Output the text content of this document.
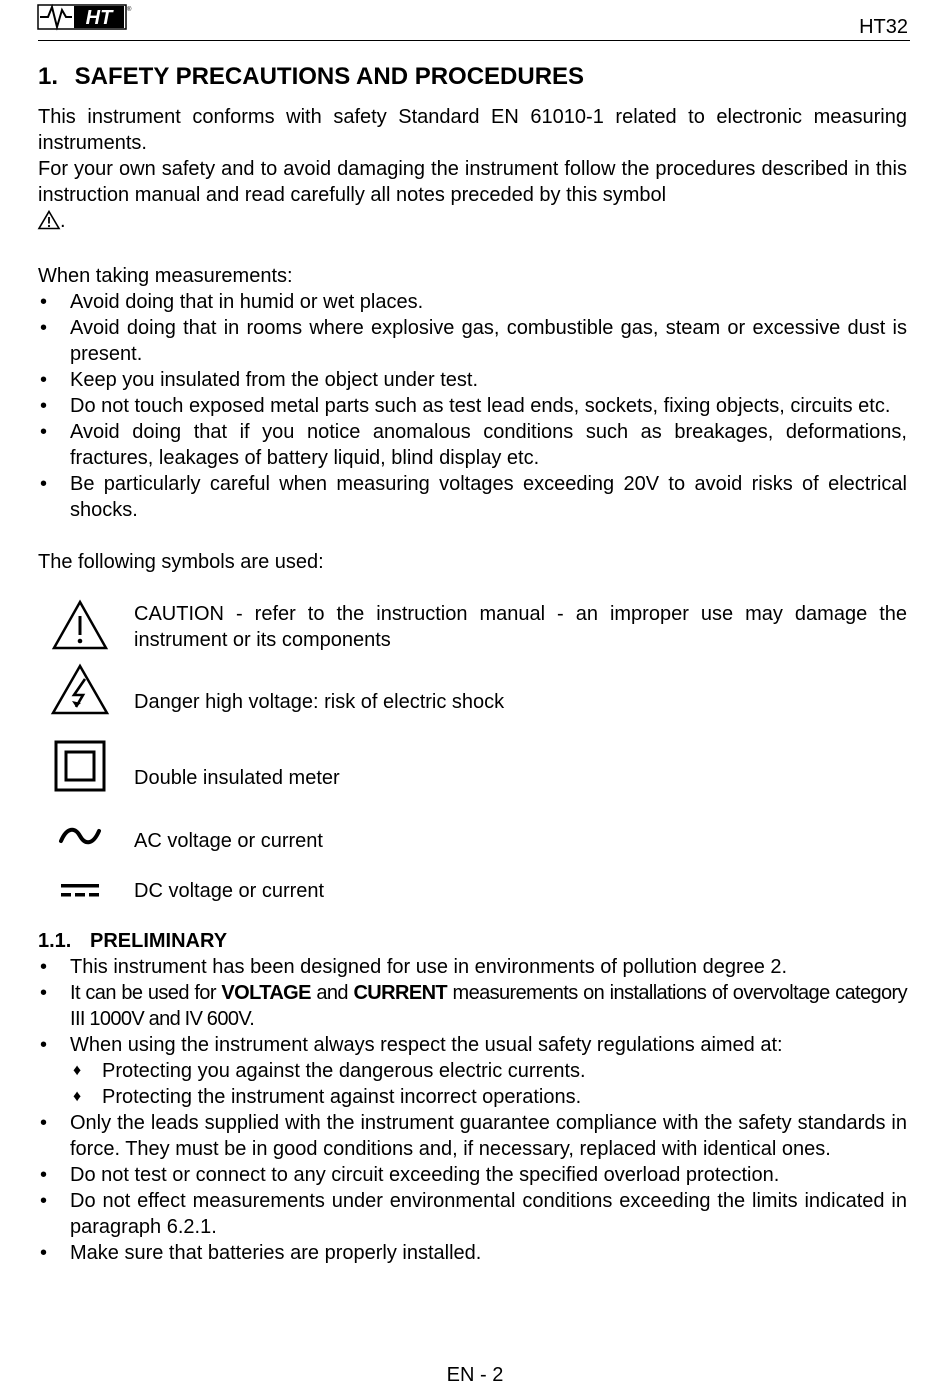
HT ®
HT32
1. SAFETY PRECAUTIONS AND PROCEDURES

This instrument conforms with safety Standard EN 61010-1 related to electronic measuring instruments.

For your own safety and to avoid damaging the instrument follow the procedures described in this instruction manual and read carefully all notes preceded by this symbol
.

When taking measurements:

• Avoid doing that in humid or wet places.
• Avoid doing that in rooms where explosive gas, combustible gas, steam or excessive dust is present.
• Keep you insulated from the object under test.
• Do not touch exposed metal parts such as test lead ends, sockets, fixing objects, circuits etc.
• Avoid doing that if you notice anomalous conditions such as breakages, deformations, fractures, leakages of battery liquid, blind display etc.
• Be particularly careful when measuring voltages exceeding 20V to avoid risks of electrical shocks.

The following symbols are used:

CAUTION - refer to the instruction manual - an improper use may damage the instrument or its components
Danger high voltage: risk of electric shock
Double insulated meter
AC voltage or current
DC voltage or current
1.1. PRELIMINARY
• This instrument has been designed for use in environments of pollution degree 2.
• It can be used for VOLTAGE and CURRENT measurements on installations of overvoltage category III 1000V and IV 600V.
• When using the instrument always respect the usual safety regulations aimed at:
♦ Protecting you against the dangerous electric currents.
♦ Protecting the instrument against incorrect operations.
• Only the leads supplied with the instrument guarantee compliance with the safety standards in force. They must be in good conditions and, if necessary, replaced with identical ones.
• Do not test or connect to any circuit exceeding the specified overload protection.
• Do not effect measurements under environmental conditions exceeding the limits indicated in paragraph 6.2.1.
• Make sure that batteries are properly installed.
EN - 2
